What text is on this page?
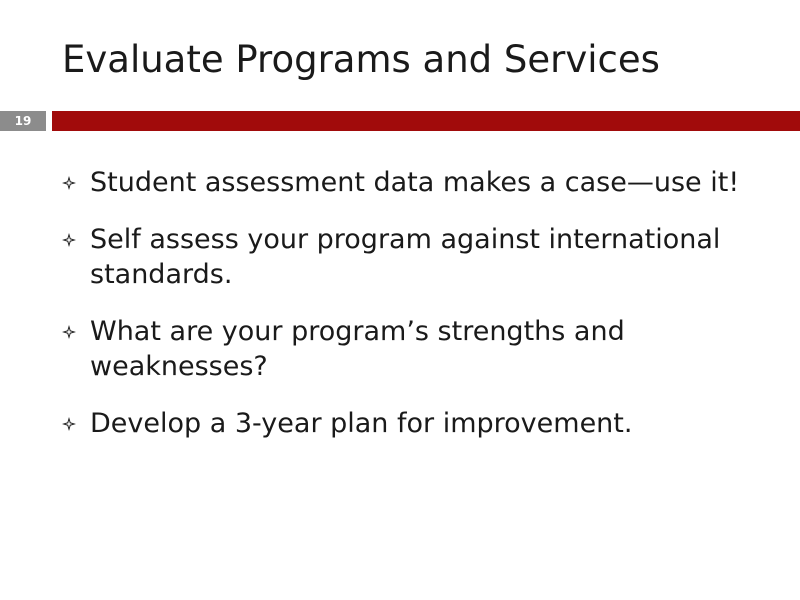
Evaluate Programs and Services
19
Student assessment data makes a case—use it!
Self assess your program against international standards.
What are your program’s strengths and weaknesses?
Develop a 3-year plan for improvement.
